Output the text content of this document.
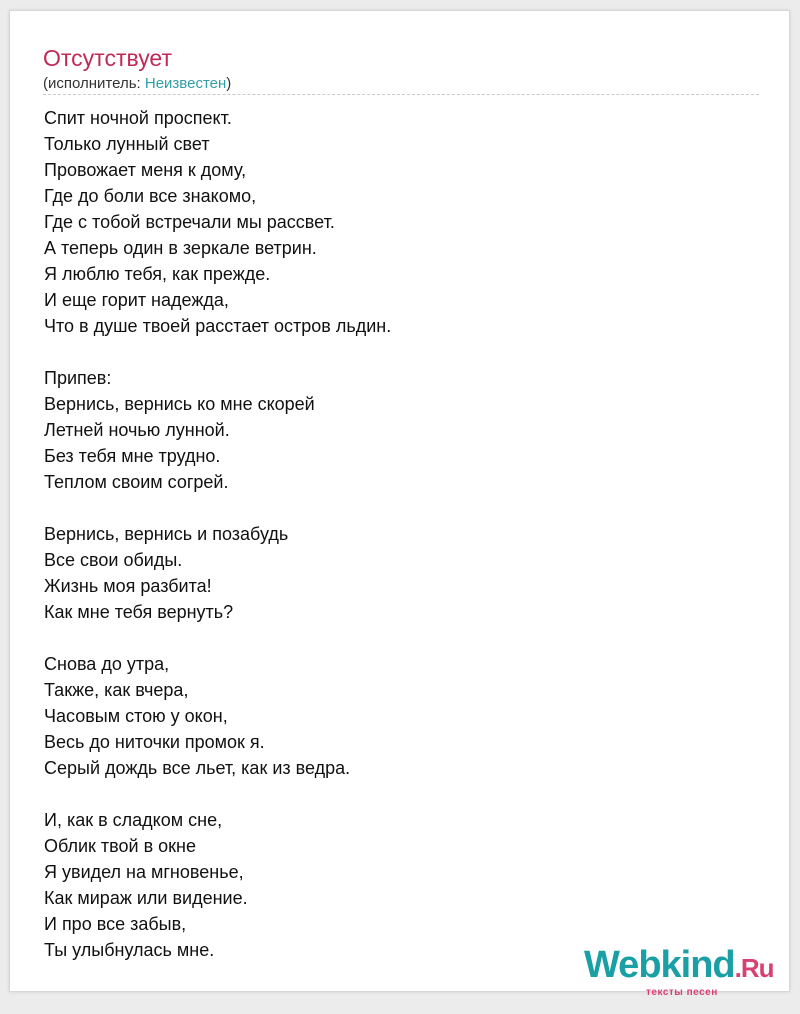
Отсутствует
(исполнитель: Неизвестен)
Спит ночной проспект.
Только лунный свет
Провожает меня к дому,
Где до боли все знакомо,
Где с тобой встречали мы рассвет.
А теперь один в зеркале ветрин.
Я люблю тебя, как прежде.
И еще горит надежда,
Что в душе твоей расстает остров льдин.
Припев:
Вернись, вернись ко мне скорей
Летней ночью лунной.
Без тебя мне трудно.
Теплом своим согрей.
Вернись, вернись и позабудь
Все свои обиды.
Жизнь моя разбита!
Как мне тебя вернуть?
Снова до утра,
Также, как вчера,
Часовым стою у окон,
Весь до ниточки промок я.
Серый дождь все льет, как из ведра.
И, как в сладком сне,
Облик твой в окне
Я увидел на мгновенье,
Как мираж или видение.
И про все забыв,
Ты улыбнулась мне.	Webkind.Ru
тексты песен
